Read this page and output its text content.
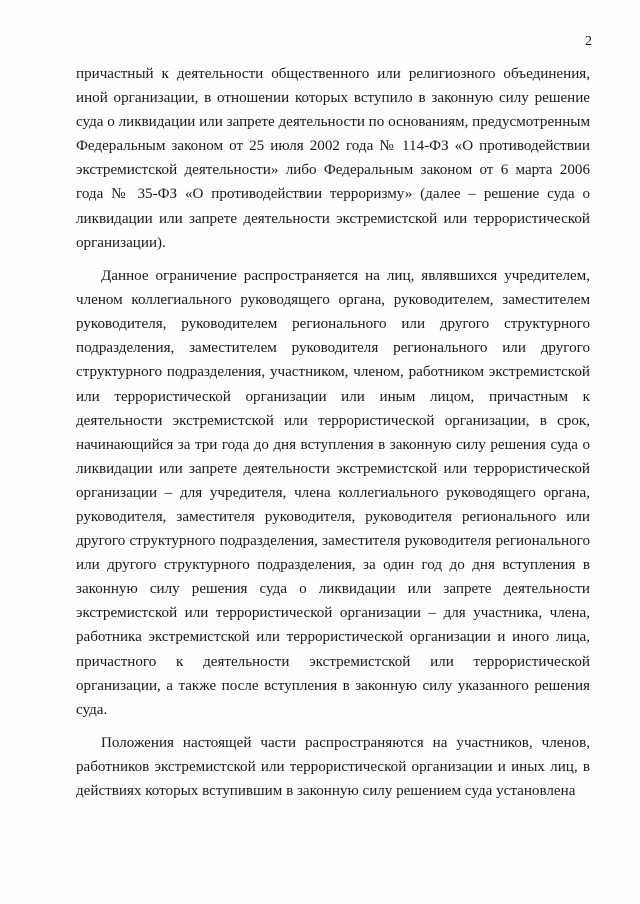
2

причастный к деятельности общественного или религиозного объединения, иной организации, в отношении которых вступило в законную силу решение суда о ликвидации или запрете деятельности по основаниям, предусмотренным Федеральным законом от 25 июля 2002 года № 114-ФЗ «О противодействии экстремистской деятельности» либо Федеральным законом от 6 марта 2006 года № 35-ФЗ «О противодействии терроризму» (далее – решение суда о ликвидации или запрете деятельности экстремистской или террористической организации).

Данное ограничение распространяется на лиц, являвшихся учредителем, членом коллегиального руководящего органа, руководителем, заместителем руководителя, руководителем регионального или другого структурного подразделения, заместителем руководителя регионального или другого структурного подразделения, участником, членом, работником экстремистской или террористической организации или иным лицом, причастным к деятельности экстремистской или террористической организации, в срок, начинающийся за три года до дня вступления в законную силу решения суда о ликвидации или запрете деятельности экстремистской или террористической организации – для учредителя, члена коллегиального руководящего органа, руководителя, заместителя руководителя, руководителя регионального или другого структурного подразделения, заместителя руководителя регионального или другого структурного подразделения, за один год до дня вступления в законную силу решения суда о ликвидации или запрете деятельности экстремистской или террористической организации – для участника, члена, работника экстремистской или террористической организации и иного лица, причастного к деятельности экстремистской или террористической организации, а также после вступления в законную силу указанного решения суда.

Положения настоящей части распространяются на участников, членов, работников экстремистской или террористической организации и иных лиц, в действиях которых вступившим в законную силу решением суда установлена
